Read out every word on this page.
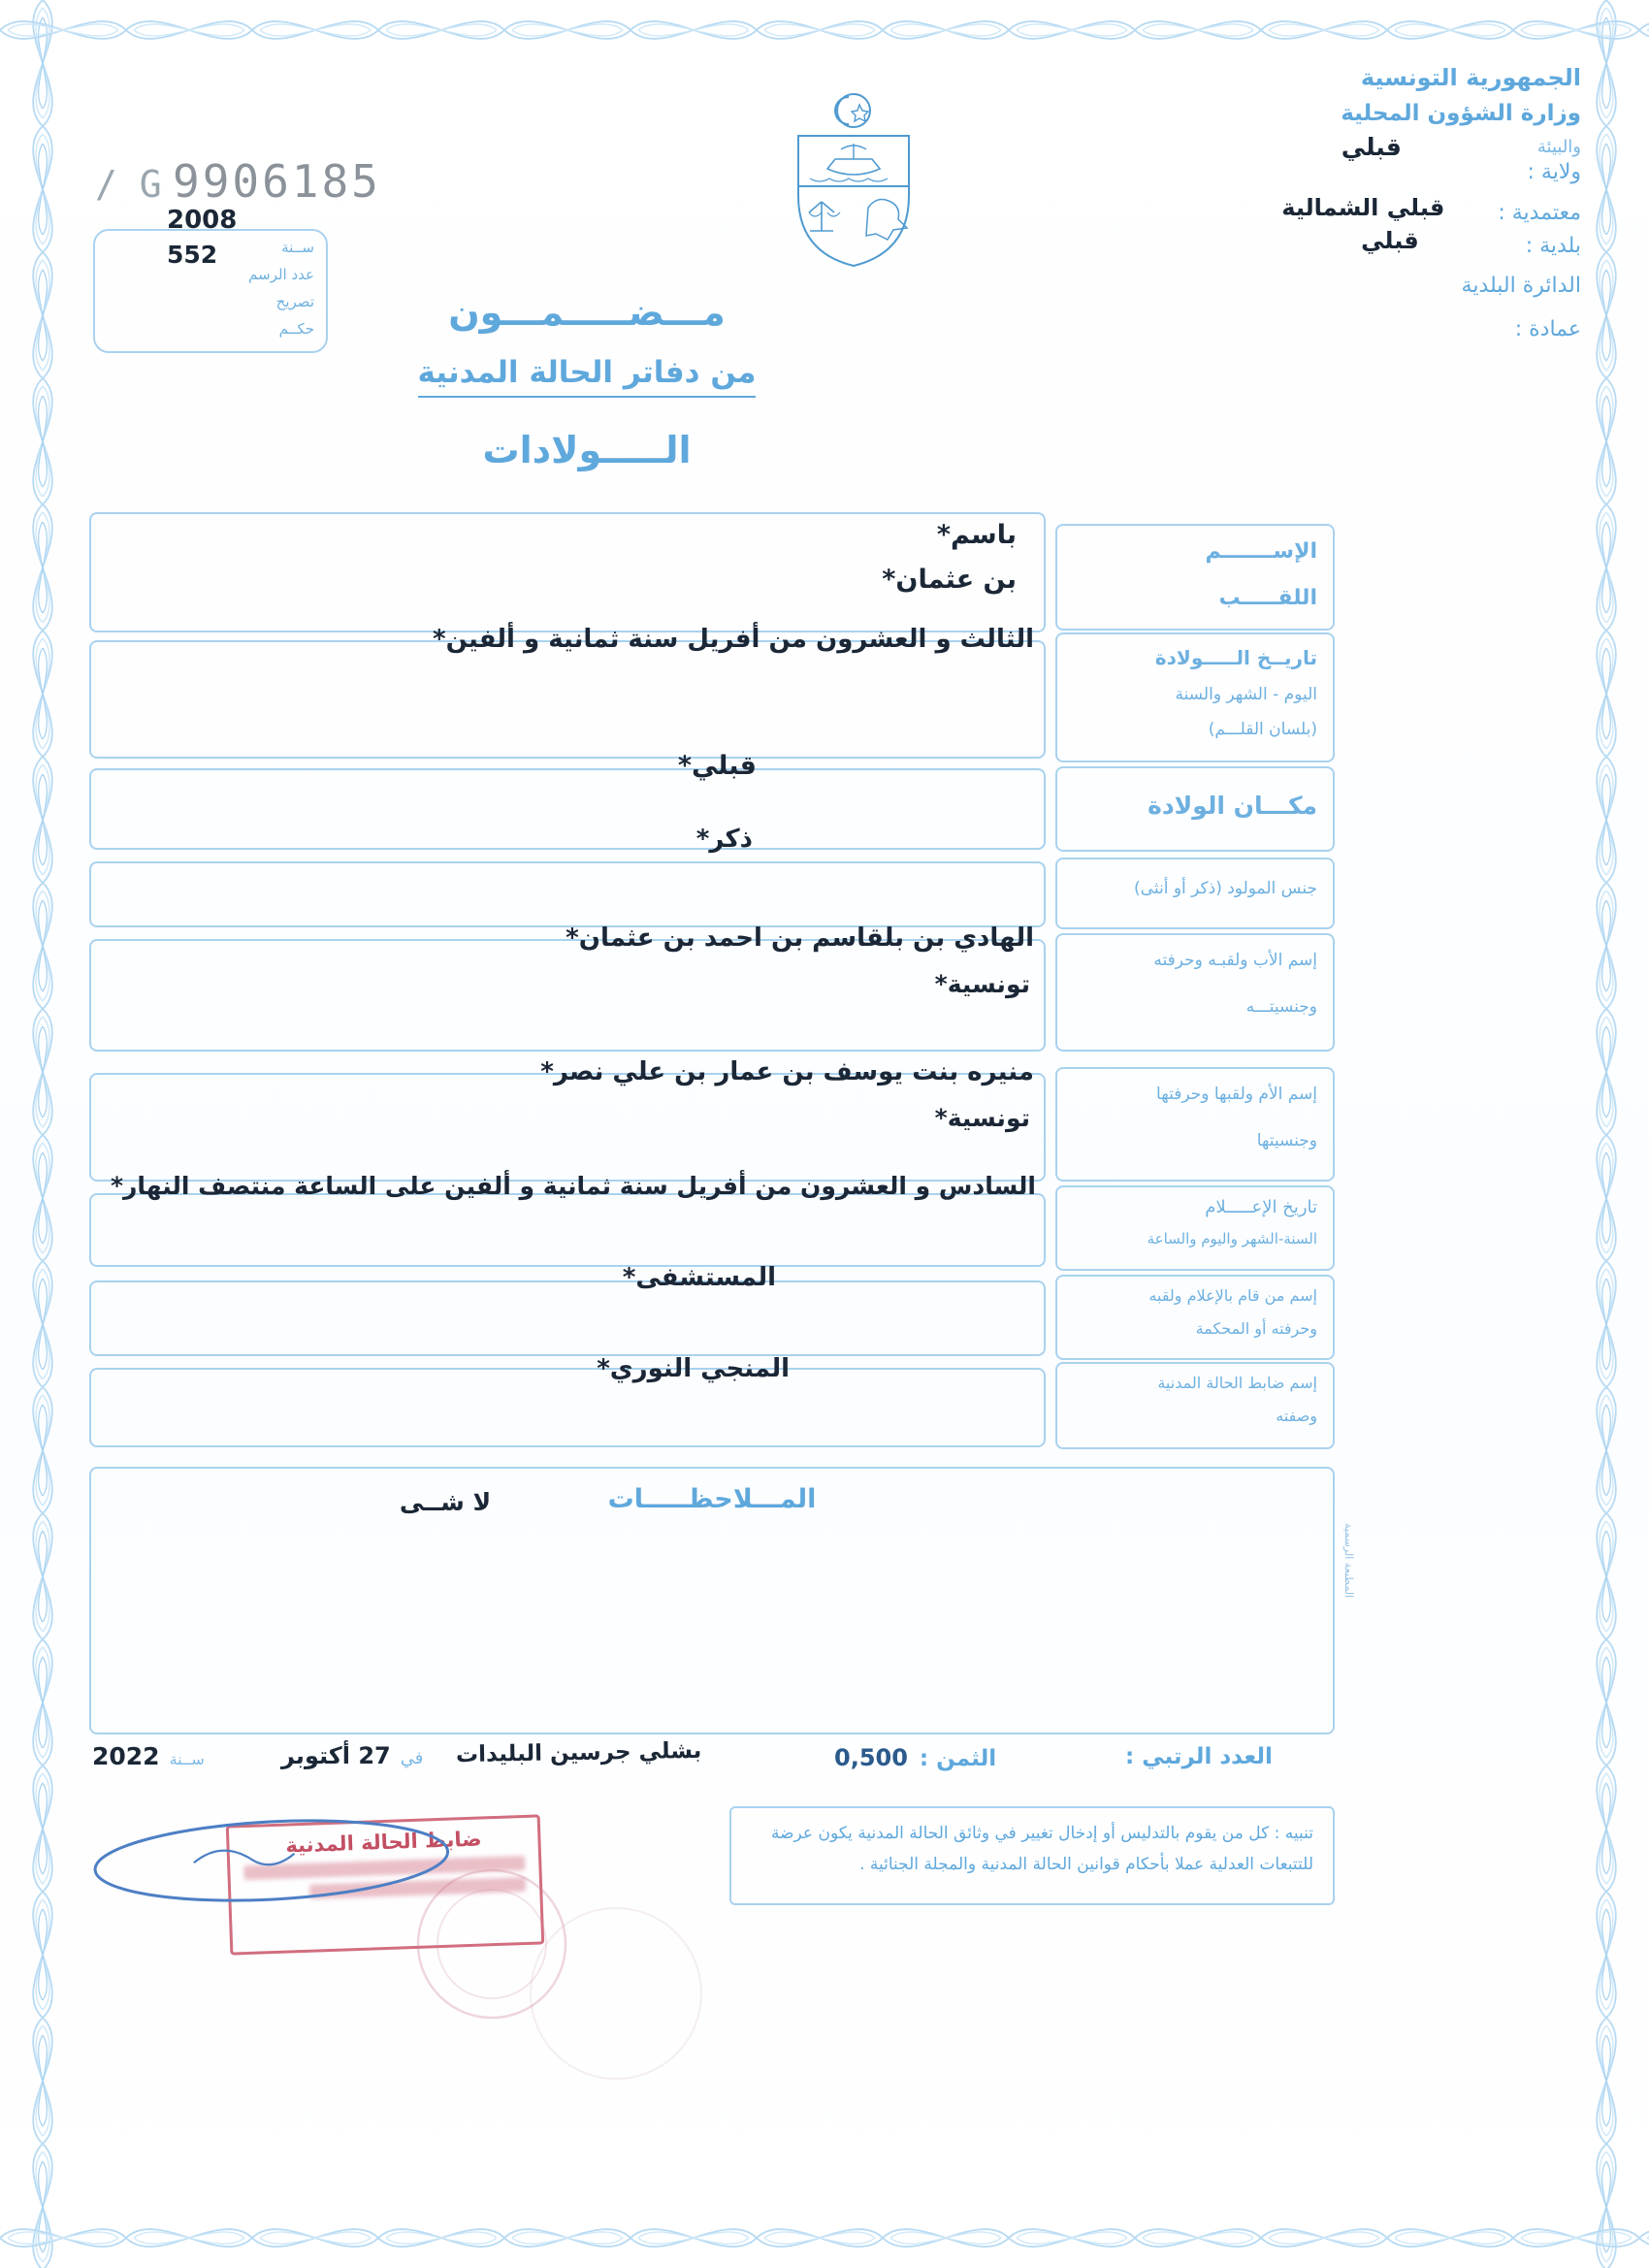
G / 9906185
2008
ســنة
عدد الرسم
تصريح
حكــم
552
الجمهورية التونسية
وزارة الشؤون المحلية
والبيئة
قبلي
ولاية :
معتمدية :
قبلي الشمالية
بلدية :
قبلي
الدائرة البلدية
عمادة :
مـــضـــــمـــون
من دفاتر الحالة المدنية
الـــــولادات
باسم*
بن عثمان*
الإســـــــم
اللقـــــب
الثالث و العشرون من أفريل سنة ثمانية و ألفين*
تاريــخ الـــــولادة
اليوم - الشهر والسنة
(بلسان القلـــم)
قبلي*
مكـــان الولادة
ذكر*
جنس المولود (ذكر أو أنثى)
الهادي بن بلقاسم بن احمد بن عثمان*
تونسية*
إسم الأب ولقبـه وحرفته
وجنسيتـــه
منيره بنت يوسف بن عمار بن علي نصر*
تونسية*
إسم الأم ولقبها وحرفتها
وجنسيتها
السادس و العشرون من أفريل سنة ثمانية و ألفين على الساعة منتصف النهار*
تاريخ الإعـــــلام
السنة-الشهر واليوم والساعة
المستشفى*
إسم من قام بالإعلام ولقبه
وحرفته أو المحكمة
المنجي النوري*	إسم ضابط الحالة المدنية
وصفته
المـــلاحظـــــات
لا شــى
المطبعة الرسمية
العدد الرتبي :
الثمن :
0,500
بشلي جرسين البليدات
في
27 أكتوبر
ســنة
2022
تنبيه : كل من يقوم بالتدليس أو إدخال تغيير في وثائق الحالة المدنية يكون عرضة
للتتبعات العدلية عملا بأحكام قوانين الحالة المدنية والمجلة الجنائية .
ضابط الحالة المدنية
